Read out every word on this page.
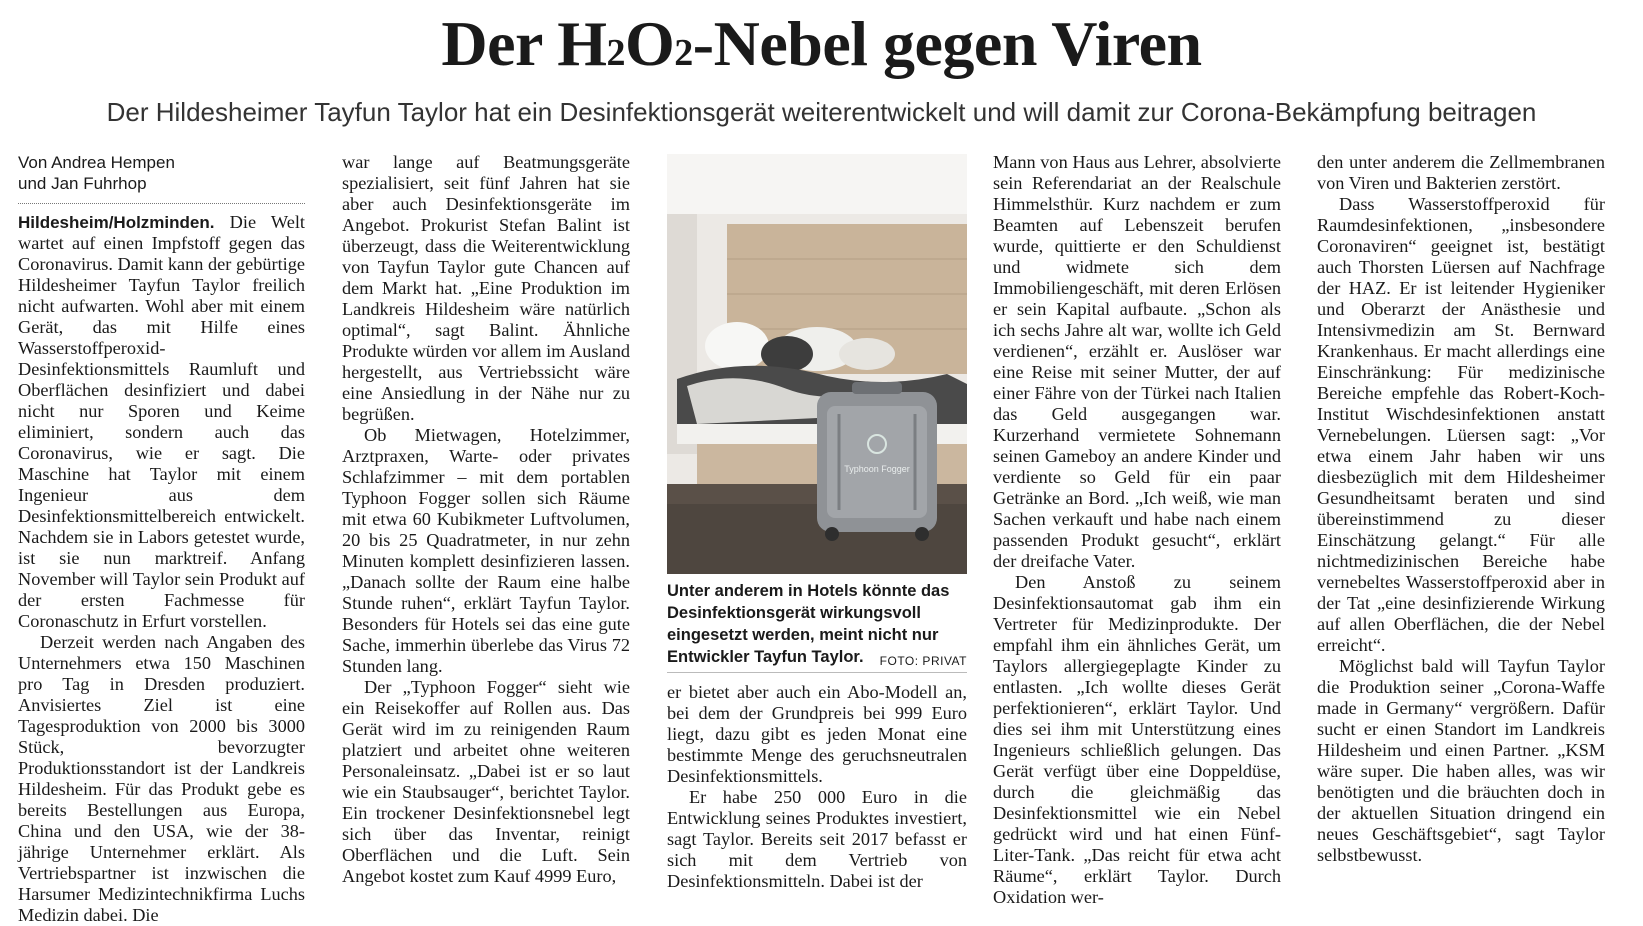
Der H2O2-Nebel gegen Viren

Der Hildesheimer Tayfun Taylor hat ein Desinfektionsgerät weiterentwickelt und will damit zur Corona-Bekämpfung beitragen

Von Andrea Hempen
und Jan Fuhrhop

Hildesheim/Holzminden. Die Welt wartet auf einen Impfstoff gegen das Coronavirus. Damit kann der gebürtige Hildesheimer Tayfun Taylor freilich nicht aufwarten. Wohl aber mit einem Gerät, das mit Hilfe eines Wasserstoffperoxid-Desinfektionsmittels Raumluft und Oberflächen desinfiziert und dabei nicht nur Sporen und Keime eliminiert, sondern auch das Coronavirus, wie er sagt. Die Maschine hat Taylor mit einem Ingenieur aus dem Desinfektionsmittelbereich entwickelt. Nachdem sie in Labors getestet wurde, ist sie nun marktreif. Anfang November will Taylor sein Produkt auf der ersten Fachmesse für Coronaschutz in Erfurt vorstellen.

Derzeit werden nach Angaben des Unternehmers etwa 150 Maschinen pro Tag in Dresden produziert. Anvisiertes Ziel ist eine Tagesproduktion von 2000 bis 3000 Stück, bevorzugter Produktionsstandort ist der Landkreis Hildesheim. Für das Produkt gebe es bereits Bestellungen aus Europa, China und den USA, wie der 38-jährige Unternehmer erklärt. Als Vertriebspartner ist inzwischen die Harsumer Medizintechnikfirma Luchs Medizin dabei. Die

war lange auf Beatmungsgeräte spezialisiert, seit fünf Jahren hat sie aber auch Desinfektionsgeräte im Angebot. Prokurist Stefan Balint ist überzeugt, dass die Weiterentwicklung von Tayfun Taylor gute Chancen auf dem Markt hat. „Eine Produktion im Landkreis Hildesheim wäre natürlich optimal“, sagt Balint. Ähnliche Produkte würden vor allem im Ausland hergestellt, aus Vertriebssicht wäre eine Ansiedlung in der Nähe nur zu begrüßen.

Ob Mietwagen, Hotelzimmer, Arztpraxen, Warte- oder privates Schlafzimmer – mit dem portablen Typhoon Fogger sollen sich Räume mit etwa 60 Kubikmeter Luftvolumen, 20 bis 25 Quadratmeter, in nur zehn Minuten komplett desinfizieren lassen. „Danach sollte der Raum eine halbe Stunde ruhen“, erklärt Tayfun Taylor. Besonders für Hotels sei das eine gute Sache, immerhin überlebe das Virus 72 Stunden lang.

Der „Typhoon Fogger“ sieht wie ein Reisekoffer auf Rollen aus. Das Gerät wird im zu reinigenden Raum platziert und arbeitet ohne weiteren Personaleinsatz. „Dabei ist er so laut wie ein Staubsauger“, berichtet Taylor. Ein trockener Desinfektionsnebel legt sich über das Inventar, reinigt Oberflächen und die Luft. Sein Angebot kostet zum Kauf 4999 Euro,

Typhoon Fogger
Unter anderem in Hotels könnte das Desinfektionsgerät wirkungsvoll eingesetzt werden, meint nicht nur Entwickler Tayfun Taylor. FOTO: PRIVAT

er bietet aber auch ein Abo-Modell an, bei dem der Grundpreis bei 999 Euro liegt, dazu gibt es jeden Monat eine bestimmte Menge des geruchsneutralen Desinfektionsmittels.

Er habe 250 000 Euro in die Entwicklung seines Produktes investiert, sagt Taylor. Bereits seit 2017 befasst er sich mit dem Vertrieb von Desinfektionsmitteln. Dabei ist der

Mann von Haus aus Lehrer, absolvierte sein Referendariat an der Realschule Himmelsthür. Kurz nachdem er zum Beamten auf Lebenszeit berufen wurde, quittierte er den Schuldienst und widmete sich dem Immobiliengeschäft, mit deren Erlösen er sein Kapital aufbaute. „Schon als ich sechs Jahre alt war, wollte ich Geld verdienen“, erzählt er. Auslöser war eine Reise mit seiner Mutter, der auf einer Fähre von der Türkei nach Italien das Geld ausgegangen war. Kurzerhand vermietete Sohnemann seinen Gameboy an andere Kinder und verdiente so Geld für ein paar Getränke an Bord. „Ich weiß, wie man Sachen verkauft und habe nach einem passenden Produkt gesucht“, erklärt der dreifache Vater.

Den Anstoß zu seinem Desinfektionsautomat gab ihm ein Vertreter für Medizinprodukte. Der empfahl ihm ein ähnliches Gerät, um Taylors allergiegeplagte Kinder zu entlasten. „Ich wollte dieses Gerät perfektionieren“, erklärt Taylor. Und dies sei ihm mit Unterstützung eines Ingenieurs schließlich gelungen. Das Gerät verfügt über eine Doppeldüse, durch die gleichmäßig das Desinfektionsmittel wie ein Nebel gedrückt wird und hat einen Fünf-Liter-Tank. „Das reicht für etwa acht Räume“, erklärt Taylor. Durch Oxidation wer-

den unter anderem die Zellmembranen von Viren und Bakterien zerstört.

Dass Wasserstoffperoxid für Raumdesinfektionen, „insbesondere Coronaviren“ geeignet ist, bestätigt auch Thorsten Lüersen auf Nachfrage der HAZ. Er ist leitender Hygieniker und Oberarzt der Anästhesie und Intensivmedizin am St. Bernward Krankenhaus. Er macht allerdings eine Einschränkung: Für medizinische Bereiche empfehle das Robert-Koch-Institut Wischdesinfektionen anstatt Vernebelungen. Lüersen sagt: „Vor etwa einem Jahr haben wir uns diesbezüglich mit dem Hildesheimer Gesundheitsamt beraten und sind übereinstimmend zu dieser Einschätzung gelangt.“ Für alle nichtmedizinischen Bereiche habe vernebeltes Wasserstoffperoxid aber in der Tat „eine desinfizierende Wirkung auf allen Oberflächen, die der Nebel erreicht“.

Möglichst bald will Tayfun Taylor die Produktion seiner „Corona-Waffe made in Germany“ vergrößern. Dafür sucht er einen Standort im Landkreis Hildesheim und einen Partner. „KSM wäre super. Die haben alles, was wir benötigten und die bräuchten doch in der aktuellen Situation dringend ein neues Geschäftsgebiet“, sagt Taylor selbstbewusst.
